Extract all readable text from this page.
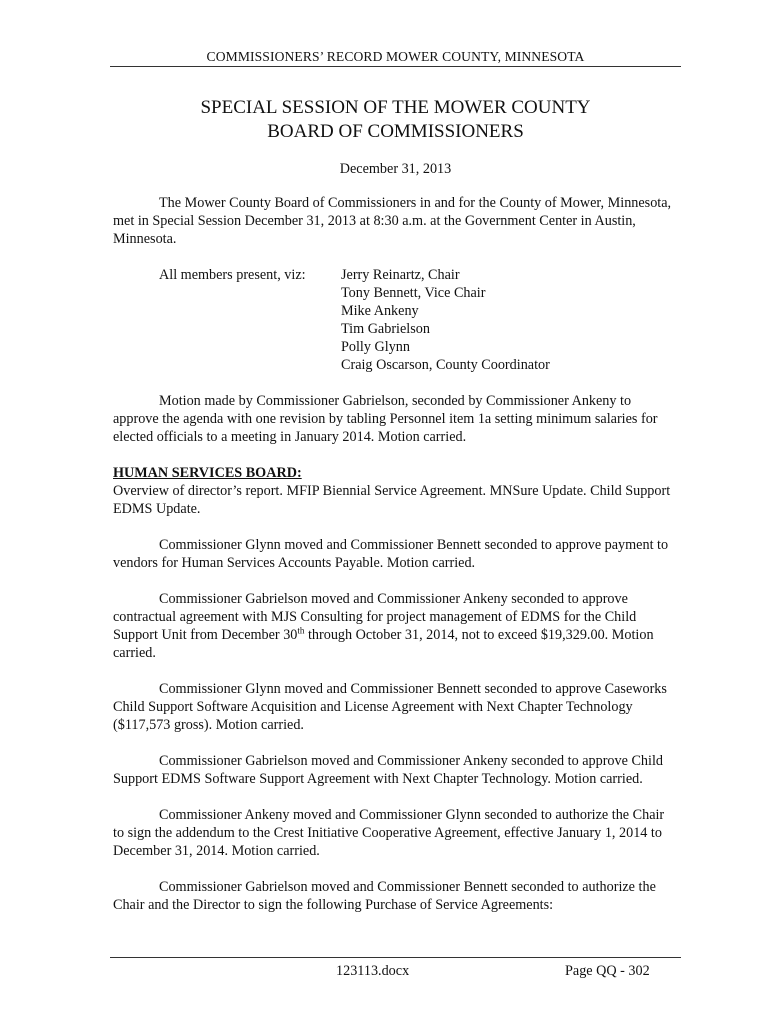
COMMISSIONERS’ RECORD MOWER COUNTY, MINNESOTA
SPECIAL SESSION OF THE MOWER COUNTY
BOARD OF COMMISSIONERS
December 31, 2013

The Mower County Board of Commissioners in and for the County of Mower, Minnesota, met in Special Session December 31, 2013 at 8:30 a.m. at the Government Center in Austin, Minnesota.

All members present, viz: Jerry Reinartz, Chair
Tony Bennett, Vice Chair
Mike Ankeny
Tim Gabrielson
Polly Glynn
Craig Oscarson, County Coordinator

Motion made by Commissioner Gabrielson, seconded by Commissioner Ankeny to approve the agenda with one revision by tabling Personnel item 1a setting minimum salaries for elected officials to a meeting in January 2014. Motion carried.

HUMAN SERVICES BOARD:

Overview of director’s report. MFIP Biennial Service Agreement. MNSure Update. Child Support EDMS Update.

Commissioner Glynn moved and Commissioner Bennett seconded to approve payment to vendors for Human Services Accounts Payable. Motion carried.

Commissioner Gabrielson moved and Commissioner Ankeny seconded to approve contractual agreement with MJS Consulting for project management of EDMS for the Child Support Unit from December 30th through October 31, 2014, not to exceed $19,329.00. Motion carried.

Commissioner Glynn moved and Commissioner Bennett seconded to approve Caseworks Child Support Software Acquisition and License Agreement with Next Chapter Technology ($117,573 gross). Motion carried.

Commissioner Gabrielson moved and Commissioner Ankeny seconded to approve Child Support EDMS Software Support Agreement with Next Chapter Technology. Motion carried.

Commissioner Ankeny moved and Commissioner Glynn seconded to authorize the Chair to sign the addendum to the Crest Initiative Cooperative Agreement, effective January 1, 2014 to December 31, 2014. Motion carried.

Commissioner Gabrielson moved and Commissioner Bennett seconded to authorize the Chair and the Director to sign the following Purchase of Service Agreements:

123113.docx	Page QQ - 302
